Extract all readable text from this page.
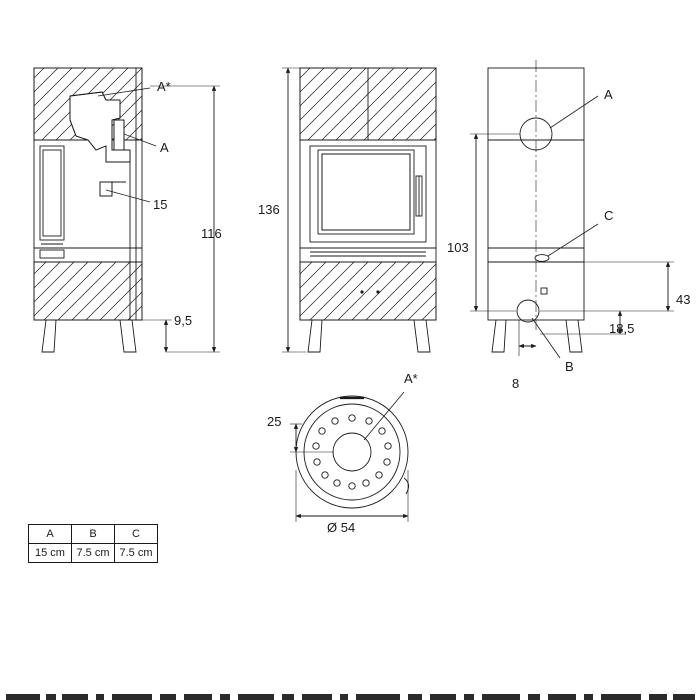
A*
A
15
116
9,5
136
A
C
103
43
18,5
8
B
A*
25
Ø 54
A	B	C
15 cm	7.5 cm	7.5 cm
